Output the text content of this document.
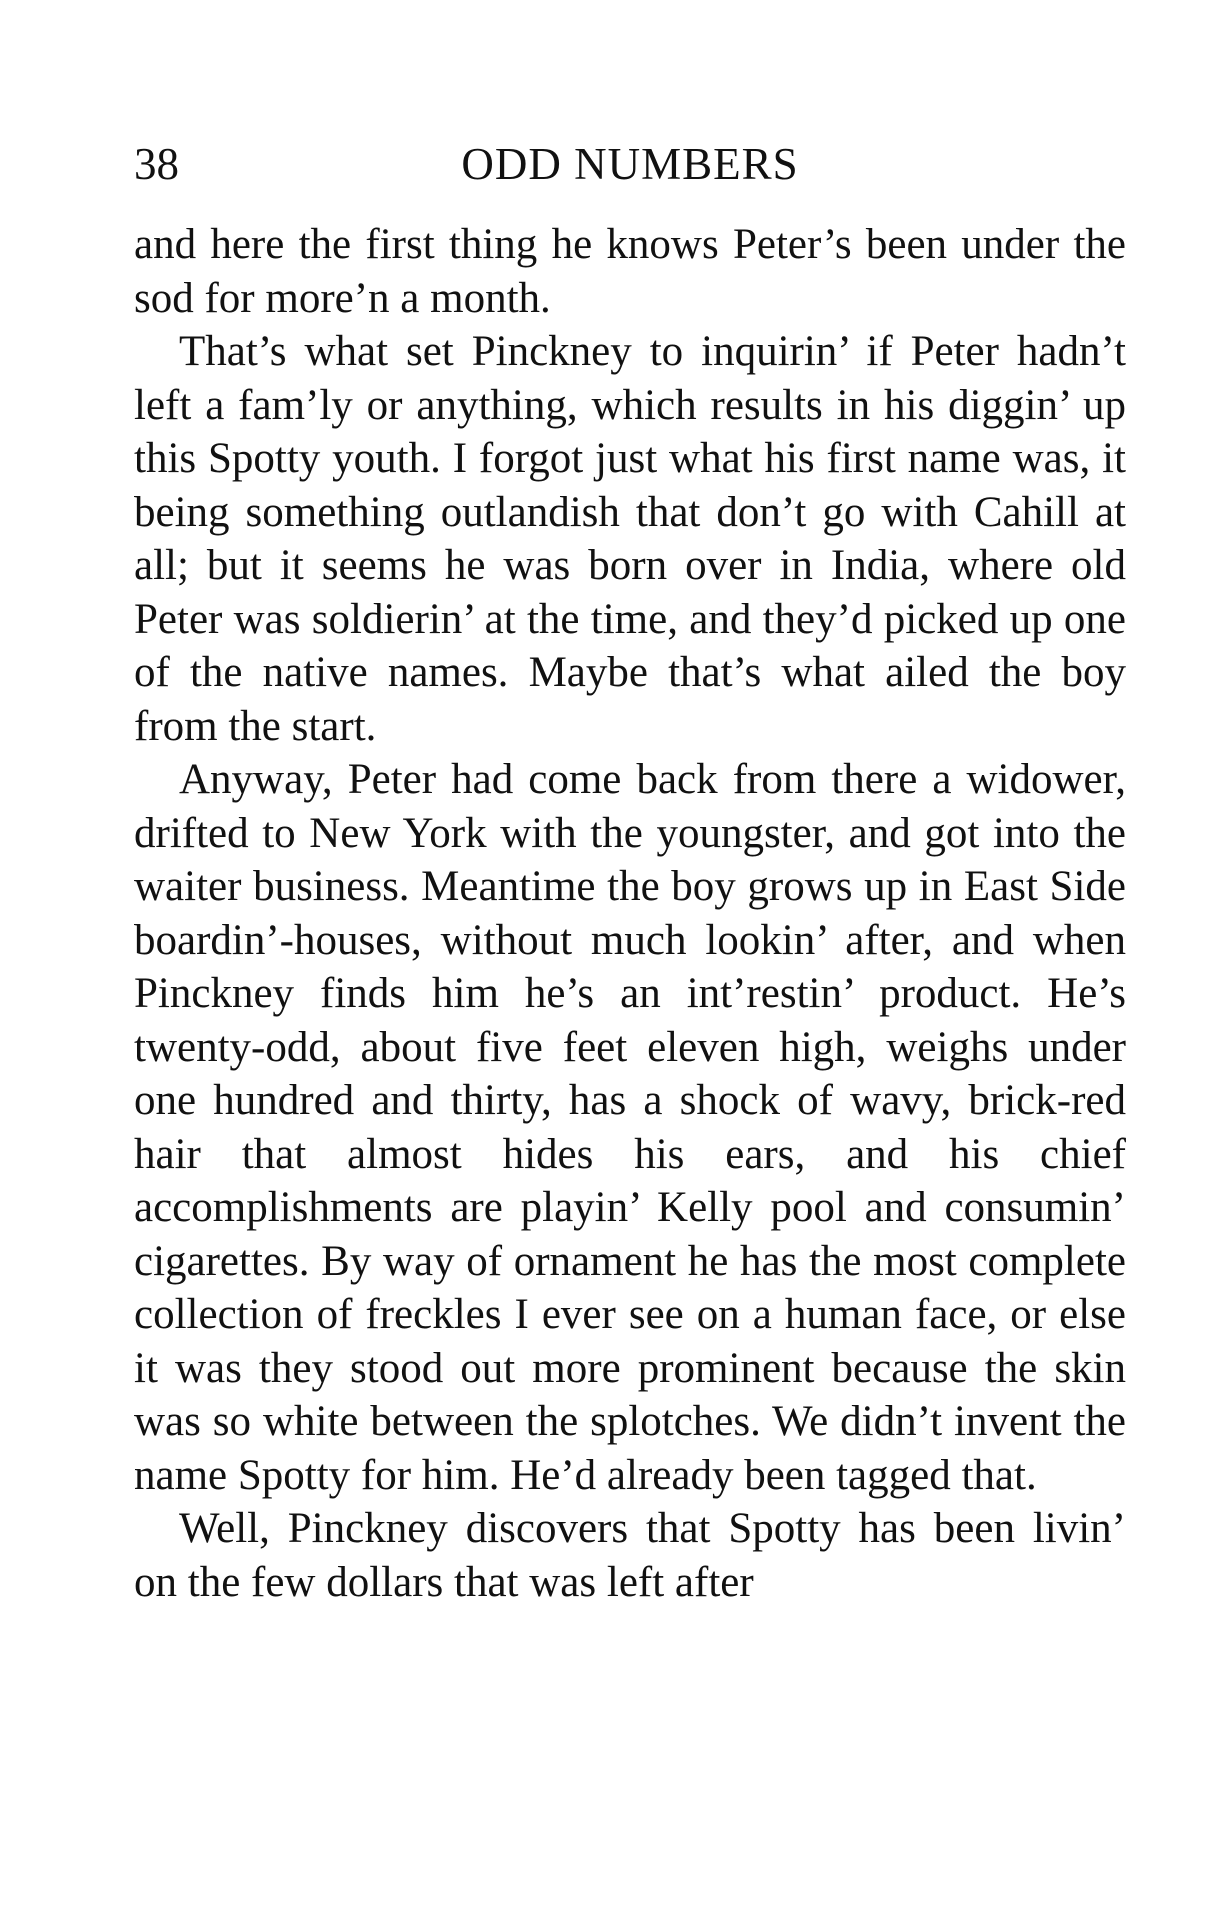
38	ODD NUMBERS

and here the first thing he knows Peter’s been under the sod for more’n a month.

That’s what set Pinckney to inquirin’ if Peter hadn’t left a fam’ly or anything, which results in his diggin’ up this Spotty youth. I forgot just what his first name was, it being something outlandish that don’t go with Cahill at all; but it seems he was born over in India, where old Peter was soldierin’ at the time, and they’d picked up one of the native names. Maybe that’s what ailed the boy from the start.

Anyway, Peter had come back from there a widower, drifted to New York with the youngster, and got into the waiter business. Meantime the boy grows up in East Side boardin’-houses, without much lookin’ after, and when Pinckney finds him he’s an int’restin’ product. He’s twenty-odd, about five feet eleven high, weighs under one hundred and thirty, has a shock of wavy, brick-red hair that almost hides his ears, and his chief accomplishments are playin’ Kelly pool and consumin’ cigarettes. By way of ornament he has the most complete collection of freckles I ever see on a human face, or else it was they stood out more prominent because the skin was so white between the splotches. We didn’t invent the name Spotty for him. He’d already been tagged that.

Well, Pinckney discovers that Spotty has been livin’ on the few dollars that was left after
